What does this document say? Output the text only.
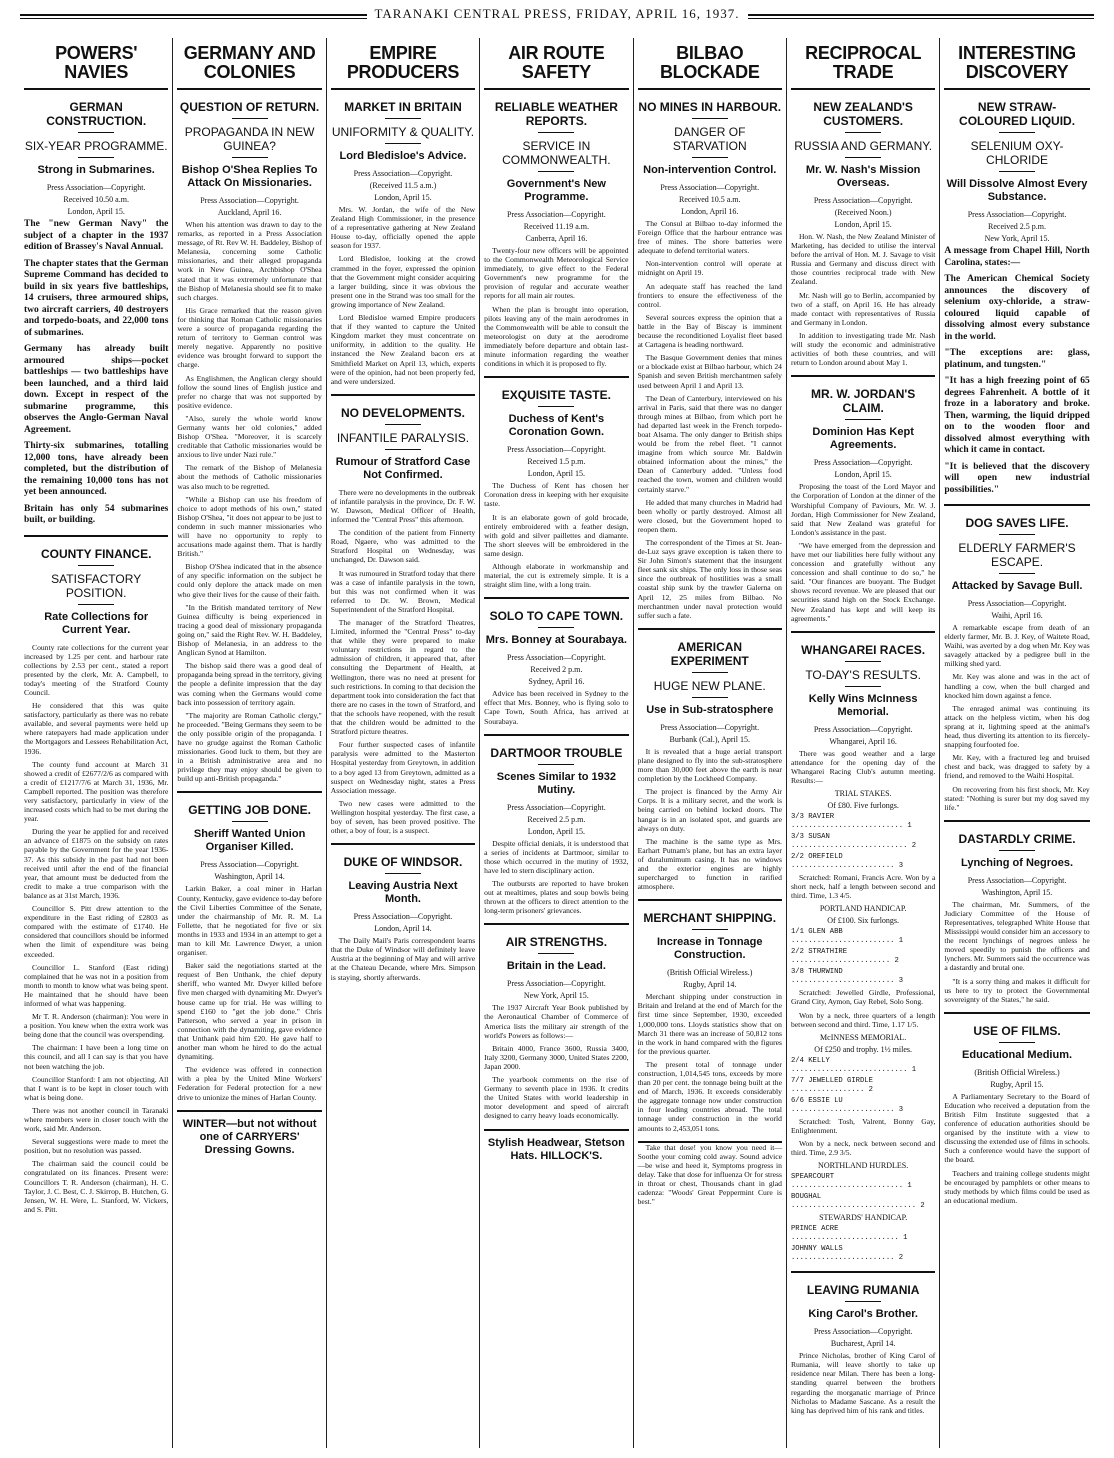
TARANAKI CENTRAL PRESS, FRIDAY, APRIL 16, 1937.
POWERS' NAVIES
GERMAN CONSTRUCTION.
SIX-YEAR PROGRAMME.
Strong in Submarines.
Press Association—Copyright.
Received 10.50 a.m.
London, April 15.
The "new German Navy" the subject of a chapter in the 1937 edition of Brassey's Naval Annual.
The chapter states that the German Supreme Command has decided to build in six years five battleships, 14 cruisers, three armoured ships, two aircraft carriers, 40 destroyers and torpedo-boats, and 22,000 tons of submarines.
Germany has already built armoured ships—pocket battleships — two battleships have been launched, and a third laid down. Except in respect of the submarine programme, this observes the Anglo-German Naval Agreement.
Thirty-six submarines, totalling 12,000 tons, have already been completed, but the distribution of the remaining 10,000 tons has not yet been announced.
Britain has only 54 submarines built, or building.
COUNTY FINANCE.
SATISFACTORY POSITION.
Rate Collections for Current Year.
County rate collections for the current year increased by 1.25 per cent. and harbour rate collections by 2.53 per cent., stated a report presented by the clerk, Mr. A. Campbell, to today's meeting of the Stratford County Council.
He considered that this was quite satisfactory, particularly as there was no rebate available, and several payments were held up where ratepayers had made application under the Mortgagors and Lessees Rehabilitation Act, 1936.
The county fund account at March 31 showed a credit of £2677/2/6 as compared with a credit of £1217/7/6 at March 31, 1936, Mr. Campbell reported. The position was therefore very satisfactory, particularly in view of the increased costs which had to be met during the year.
During the year he applied for and received an advance of £1875 on the subsidy on rates payable by the Government for the year 1936-37. As this subsidy in the past had not been received until after the end of the financial year, that amount must be deducted from the credit to make a true comparison with the balance as at 31st March, 1936.
Councillor S. Pitt drew attention to the expenditure in the East riding of £2803 as compared with the estimate of £1740. He considered that councillors should be informed when the limit of expenditure was being exceeded.
Councillor L. Stanford (East riding) complained that he was not in a position from month to month to know what was being spent. He maintained that he should have been informed of what was happening.
Mr T. R. Anderson (chairman): You were in a position. You knew when the extra work was being done that the council was overspending.
The chairman: I have been a long time on this council, and all I can say is that you have not been watching the job.
Councillor Stanford: I am not objecting. All that I want is to be kept in closer touch with what is being done.
There was not another council in Taranaki where members were in closer touch with the work, said Mr. Anderson.
Several suggestions were made to meet the position, but no resolution was passed.
The chairman said the council could be congratulated on its finances. Present were: Councillors T. R. Anderson (chairman), H. C. Taylor, J. C. Best, C. J. Skirrop, B. Hutchen, G. Jensen, W. H. Were, L. Stanford, W. Vickers, and S. Pitt.
GERMANY AND COLONIES
QUESTION OF RETURN.
PROPAGANDA IN NEW GUINEA?
Bishop O'Shea Replies To Attack On Missionaries.
Press Association—Copyright.
Auckland, April 16.
When his attention was drawn to day to the remarks, as reported in a Press Association message, of Rt. Rev W. H. Baddeley, Bishop of Melanesia, concerning some Catholic missionaries, and their alleged propaganda work in New Guinea, Archbishop O'Shea stated that it was extremely unfortunate that the Bishop of Melanesia should see fit to make such charges.
His Grace remarked that the reason given for thinking that Roman Catholic missionaries were a source of propaganda regarding the return of territory to German control was merely negative. Apparently no positive evidence was brought forward to support the charge.
As Englishmen, the Anglican clergy should follow the sound lines of English justice and prefer no charge that was not supported by positive evidence.
"Also, surely the whole world know Germany wants her old colonies," added Bishop O'Shea. "Moreover, it is scarcely creditable that Catholic missionaries would be anxious to live under Nazi rule."
The remark of the Bishop of Melanesia about the methods of Catholic missionaries was also much to be regretted.
"While a Bishop can use his freedom of choice to adopt methods of his own," stated Bishop O'Shea, "it does not appear to be just to condemn in such manner missionaries who will have no opportunity to reply to accusations made against them. That is hardly British."
Bishop O'Shea indicated that in the absence of any specific information on the subject he could only deplore the attack made on men who give their lives for the cause of their faith.
"In the British mandated territory of New Guinea difficulty is being experienced in tracing a good deal of missionary propaganda going on," said the Right Rev. W. H. Baddeley, Bishop of Melanesia, in an address to the Anglican Synod at Hamilton.
The bishop said there was a good deal of propaganda being spread in the territory, giving the people a definite impression that the day was coming when the Germans would come back into possession of territory again.
"The majority are Roman Catholic clergy," he proceeded. "Being Germans they seem to be the only possible origin of the propaganda. I have no grudge against the Roman Catholic missionaries. Good luck to them, but they are in a British administrative area and no privilege they may enjoy should be given to build up anti-British propaganda."
GETTING JOB DONE.
Sheriff Wanted Union Organiser Killed.
Press Association—Copyright.
Washington, April 14.
Larkin Baker, a coal miner in Harlan County, Kentucky, gave evidence to-day before the Civil Liberties Committee of the Senate, under the chairmanship of Mr. R. M. La Follette, that he negotiated for five or six months in 1933 and 1934 in an attempt to get a man to kill Mr. Lawrence Dwyer, a union organiser.
Baker said the negotiations started at the request of Ben Unthank, the chief deputy sheriff, who wanted Mr. Dwyer killed before five men charged with dynamiting Mr. Dwyer's house came up for trial. He was willing to spend £160 to "get the job done." Chris Patterson, who served a year in prison in connection with the dynamiting, gave evidence that Unthank paid him £20. He gave half to another man whom he hired to do the actual dynamiting.
The evidence was offered in connection with a plea by the United Mine Workers' Federation for Federal protection for a new drive to unionize the mines of Harlan County.
WINTER—but not without one of CARRYERS' Dressing Gowns.
EMPIRE PRODUCERS
MARKET IN BRITAIN
UNIFORMITY & QUALITY.
Lord Bledisloe's Advice.
Press Association—Copyright.
(Received 11.5 a.m.)
London, April 15.
Mrs. W. Jordan, the wife of the New Zealand High Commissioner, in the presence of a representative gathering at New Zealand House to-day, officially opened the apple season for 1937.
Lord Bledisloe, looking at the crowd crammed in the foyer, expressed the opinion that the Government might consider acquiring a larger building, since it was obvious the present one in the Strand was too small for the growing importance of New Zealand.
Lord Bledisloe warned Empire producers that if they wanted to capture the United Kingdom market they must concentrate on uniformity, in addition to the quality. He instanced the New Zealand bacon ers at Smithfield Market on April 13, which, experts were of the opinion, had not been properly fed, and were undersized.
NO DEVELOPMENTS.
INFANTILE PARALYSIS.
Rumour of Stratford Case Not Confirmed.
There were no developments in the outbreak of infantile paralysis in the province, Dr. F. W. W. Dawson, Medical Officer of Health, informed the "Central Press" this afternoon.
The condition of the patient from Finnerty Road, Ngaere, who was admitted to the Stratford Hospital on Wednesday, was unchanged, Dr. Dawson said.
It was rumoured in Stratford today that there was a case of infantile paralysis in the town, but this was not confirmed when it was referred to Dr. W. Brown, Medical Superintendent of the Stratford Hospital.
The manager of the Stratford Theatres, Limited, informed the "Central Press" to-day that while they were prepared to make voluntary restrictions in regard to the admission of children, it appeared that, after consulting the Department of Health, at Wellington, there was no need at present for such restrictions. In coming to that decision the department took into consideration the fact that there are no cases in the town of Stratford, and that the schools have reopened, with the result that the children would be admitted to the Stratford picture theatres.
Four further suspected cases of infantile paralysis were admitted to the Masterton Hospital yesterday from Greytown, in addition to a boy aged 13 from Greytown, admitted as a suspect on Wednesday night, states a Press Association message.
Two new cases were admitted to the Wellington hospital yesterday. The first case, a boy of seven, has been proved positive. The other, a boy of four, is a suspect.
DUKE OF WINDSOR.
Leaving Austria Next Month.
Press Association—Copyright.
London, April 14.
The Daily Mail's Paris correspondent learns that the Duke of Windsor will definitely leave Austria at the beginning of May and will arrive at the Chateau Decande, where Mrs. Simpson is staying, shortly afterwards.
AIR ROUTE SAFETY
RELIABLE WEATHER REPORTS.
SERVICE IN COMMONWEALTH.
Government's New Programme.
Press Association—Copyright.
Received 11.19 a.m.
Canberra, April 16.
Twenty-four new officers will be appointed to the Commonwealth Meteorological Service immediately, to give effect to the Federal Government's new programme for the provision of regular and accurate weather reports for all main air routes.
When the plan is brought into operation, pilots leaving any of the main aerodromes in the Commonwealth will be able to consult the meteorologist on duty at the aerodrome immediately before departure and obtain last-minute information regarding the weather conditions in which it is proposed to fly.
EXQUISITE TASTE.
Duchess of Kent's Coronation Gown.
Press Association—Copyright.
Received 1.5 p.m.
London, April 15.
The Duchess of Kent has chosen her Coronation dress in keeping with her exquisite taste.
It is an elaborate gown of gold brocade, entirely embroidered with a feather design, with gold and silver paillettes and diamante. The short sleeves will be embroidered in the same design.
Although elaborate in workmanship and material, the cut is extremely simple. It is a straight slim line, with a long train.
SOLO TO CAPE TOWN.
Mrs. Bonney at Sourabaya.
Press Association—Copyright.
Received 2 p.m.
Sydney, April 16.
Advice has been received in Sydney to the effect that Mrs. Bonney, who is flying solo to Cape Town, South Africa, has arrived at Sourabaya.
DARTMOOR TROUBLE
Scenes Similar to 1932 Mutiny.
Press Association—Copyright.
Received 2.5 p.m.
London, April 15.
Despite official denials, it is understood that a series of incidents at Dartmoor, similar to those which occurred in the mutiny of 1932, have led to stern disciplinary action.
The outbursts are reported to have broken out at mealtimes, plates and soup bowls being thrown at the officers to direct attention to the long-term prisoners' grievances.
AIR STRENGTHS.
Britain in the Lead.
Press Association—Copyright.
New York, April 15.
The 1937 Aircraft Year Book published by the Aeronautical Chamber of Commerce of America lists the military air strength of the world's Powers as follows:—
Britain 4000, France 3600, Russia 3400, Italy 3200, Germany 3000, United States 2200, Japan 2000.
The yearbook comments on the rise of Germany to seventh place in 1936. It credits the United States with world leadership in motor development and speed of aircraft designed to carry heavy loads economically.
Stylish Headwear, Stetson Hats. HILLOCK'S.
BILBAO BLOCKADE
NO MINES IN HARBOUR.
DANGER OF STARVATION
Non-intervention Control.
Press Association—Copyright.
Received 10.5 a.m.
London, April 16.
The Consul at Bilbao to-day informed the Foreign Office that the harbour entrance was free of mines. The shore batteries were adequate to defend territorial waters.
Non-intervention control will operate at midnight on April 19.
An adequate staff has reached the land frontiers to ensure the effectiveness of the control.
Several sources express the opinion that a battle in the Bay of Biscay is imminent because the reconditioned Loyalist fleet based at Cartagena is heading northward.
The Basque Government denies that mines or a blockade exist at Bilbao harbour, which 24 Spanish and seven British merchantmen safely used between April 1 and April 13.
The Dean of Canterbury, interviewed on his arrival in Paris, said that there was no danger through mines at Bilbao, from which port he had departed last week in the French torpedo-boat Alsama. The only danger to British ships would be from the rebel fleet. "I cannot imagine from which source Mr. Baldwin obtained information about the mines," the Dean of Canterbury added. "Unless food reached the town, women and children would certainly starve."
He added that many churches in Madrid had been wholly or partly destroyed. Almost all were closed, but the Government hoped to reopen them.
The correspondent of the Times at St. Jean-de-Luz says grave exception is taken there to Sir John Simon's statement that the insurgent fleet sank six ships. The only loss in those seas since the outbreak of hostilities was a small coastal ship sunk by the trawler Galerna on April 12, 25 miles from Bilbao. No merchantmen under naval protection would suffer such a fate.
AMERICAN EXPERIMENT
HUGE NEW PLANE.
Use in Sub-stratosphere
Press Association—Copyright.
Burbank (Cal.), April 15.
It is revealed that a huge aerial transport plane designed to fly into the sub-stratosphere more than 30,000 feet above the earth is near completion by the Lockheed Company.
The project is financed by the Army Air Corps. It is a military secret, and the work is being carried on behind locked doors. The hangar is in an isolated spot, and guards are always on duty.
The machine is the same type as Mrs. Earhart Putnam's plane, but has an extra layer of duralumimum casing. It has no windows and the exterior engines are highly supercharged to function in rarified atmosphere.
MERCHANT SHIPPING.
Increase in Tonnage Construction.
(British Official Wireless.)
Rugby, April 14.
Merchant shipping under construction in Britain and Ireland at the end of March for the first time since September, 1930, exceeded 1,000,000 tons. Lloyds statistics show that on March 31 there was an increase of 50,812 tons in the work in hand compared with the figures for the previous quarter.
The present total of tonnage under construction, 1,014,545 tons, exceeds by more than 20 per cent. the tonnage being built at the end of March, 1936. It exceeds considerably the aggregate tonnage now under construction in four leading countries abroad. The total tonnage under construction in the world amounts to 2,453,051 tons.
Take that dose! you know you need it— Soothe your coming cold away. Sound advice—be wise and heed it, Symptoms progress in delay. Take that dose for influenza Or for stress in throat or chest, Thousands chant in glad cadenza: "Woods' Great Peppermint Cure is best."
RECIPROCAL TRADE
NEW ZEALAND'S CUSTOMERS.
RUSSIA AND GERMANY.
Mr. W. Nash's Mission Overseas.
Press Association—Copyright.
(Received Noon.)
London, April 15.
Hon. W. Nash, the New Zealand Minister of Marketing, has decided to utilise the interval before the arrival of Hon. M. J. Savage to visit Russia and Germany and discuss direct with those countries reciprocal trade with New Zealand.
Mr. Nash will go to Berlin, accompanied by two of a staff, on April 16. He has already made contact with representatives of Russia and Germany in London.
In addition to investigating trade Mr. Nash will study the economic and administrative activities of both these countries, and will return to London around about May 1.
MR. W. JORDAN'S CLAIM.
Dominion Has Kept Agreements.
Press Association—Copyright.
London, April 15.
Proposing the toast of the Lord Mayor and the Corporation of London at the dinner of the Worshipful Company of Paviours, Mr. W. J. Jordan, High Commissioner for New Zealand, said that New Zealand was grateful for London's assistance in the past.
"We have emerged from the depression and have met our liabilities here fully without any concession and gratefully without any concession and shall continue to do so," he said. "Our finances are buoyant. The Budget shows record revenue. We are pleased that our securities stand high on the Stock Exchange. New Zealand has kept and will keep its agreements."
WHANGAREI RACES.
TO-DAY'S RESULTS.
Kelly Wins McInness Memorial.
Press Association—Copyright.
Whangarei, April 16.
There was good weather and a large attendance for the opening day of the Whangarei Racing Club's autumn meeting. Results:—
TRIAL STAKES.
Of £80. Five furlongs.
3/3 RAVIER .......................... 1
3/3 SUSAN ........................... 2
2/2 OREFIELD ........................ 3
Scratched: Romani, Francis Acre. Won by a short neck, half a length between second and third. Time, 1.3 4/5.
PORTLAND HANDICAP.
Of £100. Six furlongs.
1/1 GLEN ABB ........................ 1
2/2 STRATHIRE ....................... 2
3/8 THURWIND ........................ 3
Scratched: Jewelled Girdle, Professional, Grand City, Aymon, Gay Rebel, Solo Song.
Won by a neck, three quarters of a length between second and third. Time, 1.17 1/5.
McINNESS MEMORIAL.
Of £250 and trophy. 1½ miles.
2/4 KELLY ........................... 1
7/7 JEWELLED GIRDLE ................. 2
6/6 ESSIE LU ........................ 3
Scratched: Tosh, Valrent, Bonny Gay, Enlightenment.
Won by a neck, neck between second and third. Time, 2.9 3/5.
NORTHLAND HURDLES.
SPEARCOURT .......................... 1
BOUGHAL ............................. 2
STEWARDS' HANDICAP.
PRINCE ACRE ......................... 1
JOHNNY WALLS ........................ 2
LEAVING RUMANIA
King Carol's Brother.
Press Association—Copyright.
Bucharest, April 14.
Prince Nicholas, brother of King Carol of Rumania, will leave shortly to take up residence near Milan. There has been a long-standing quarrel between the brothers regarding the morganatic marriage of Prince Nicholas to Madame Sascane. As a result the king has deprived him of his rank and titles.
INTERESTING DISCOVERY
NEW STRAW-COLOURED LIQUID.
SELENIUM OXY-CHLORIDE
Will Dissolve Almost Every Substance.
Press Association—Copyright.
Received 2.5 p.m.
New York, April 15.
A message from Chapel Hill, North Carolina, states:—
The American Chemical Society announces the discovery of selenium oxy-chloride, a straw-coloured liquid capable of dissolving almost every substance in the world.
"The exceptions are: glass, platinum, and tungsten."
"It has a high freezing point of 65 degrees Fahrenheit. A bottle of it froze in a laboratory and broke. Then, warming, the liquid dripped on to the wooden floor and dissolved almost everything with which it came in contact.
"It is believed that the discovery will open new industrial possibilities."
DOG SAVES LIFE.
ELDERLY FARMER'S ESCAPE.
Attacked by Savage Bull.
Press Association—Copyright.
Waihi, April 16.
A remarkable escape from death of an elderly farmer, Mr. B. J. Key, of Waitete Road, Waihi, was averted by a dog when Mr. Key was savagely attacked by a pedigree bull in the milking shed yard.
Mr. Key was alone and was in the act of handling a cow, when the bull charged and knocked him down against a fence.
The enraged animal was continuing its attack on the helpless victim, when his dog sprang at it, lightning speed at the animal's head, thus diverting its attention to its fiercely-snapping fourfooted foe.
Mr. Key, with a fractured leg and bruised chest and back, was dragged to safety by a friend, and removed to the Waihi Hospital.
On recovering from his first shock, Mr. Key stated: "Nothing is surer but my dog saved my life."
DASTARDLY CRIME.
Lynching of Negroes.
Press Association—Copyright.
Washington, April 15.
The chairman, Mr. Summers, of the Judiciary Committee of the House of Representatives, telegraphed White House that Mississippi would consider him an accessory to the recent lynchings of negroes unless he moved speedily to punish the officers and lynchers. Mr. Summers said the occurrence was a dastardly and brutal one.
"It is a sorry thing and makes it difficult for us here to try to protect the Governmental sovereignty of the States," he said.
USE OF FILMS.
Educational Medium.
(British Official Wireless.)
Rugby, April 15.
A Parliamentary Secretary to the Board of Education who received a deputation from the British Film Institute suggested that a conference of education authorities should be organised by the institute with a view to discussing the extended use of films in schools. Such a conference would have the support of the board.
Teachers and training college students might be encouraged by pamphlets or other means to study methods by which films could be used as an educational medium.
